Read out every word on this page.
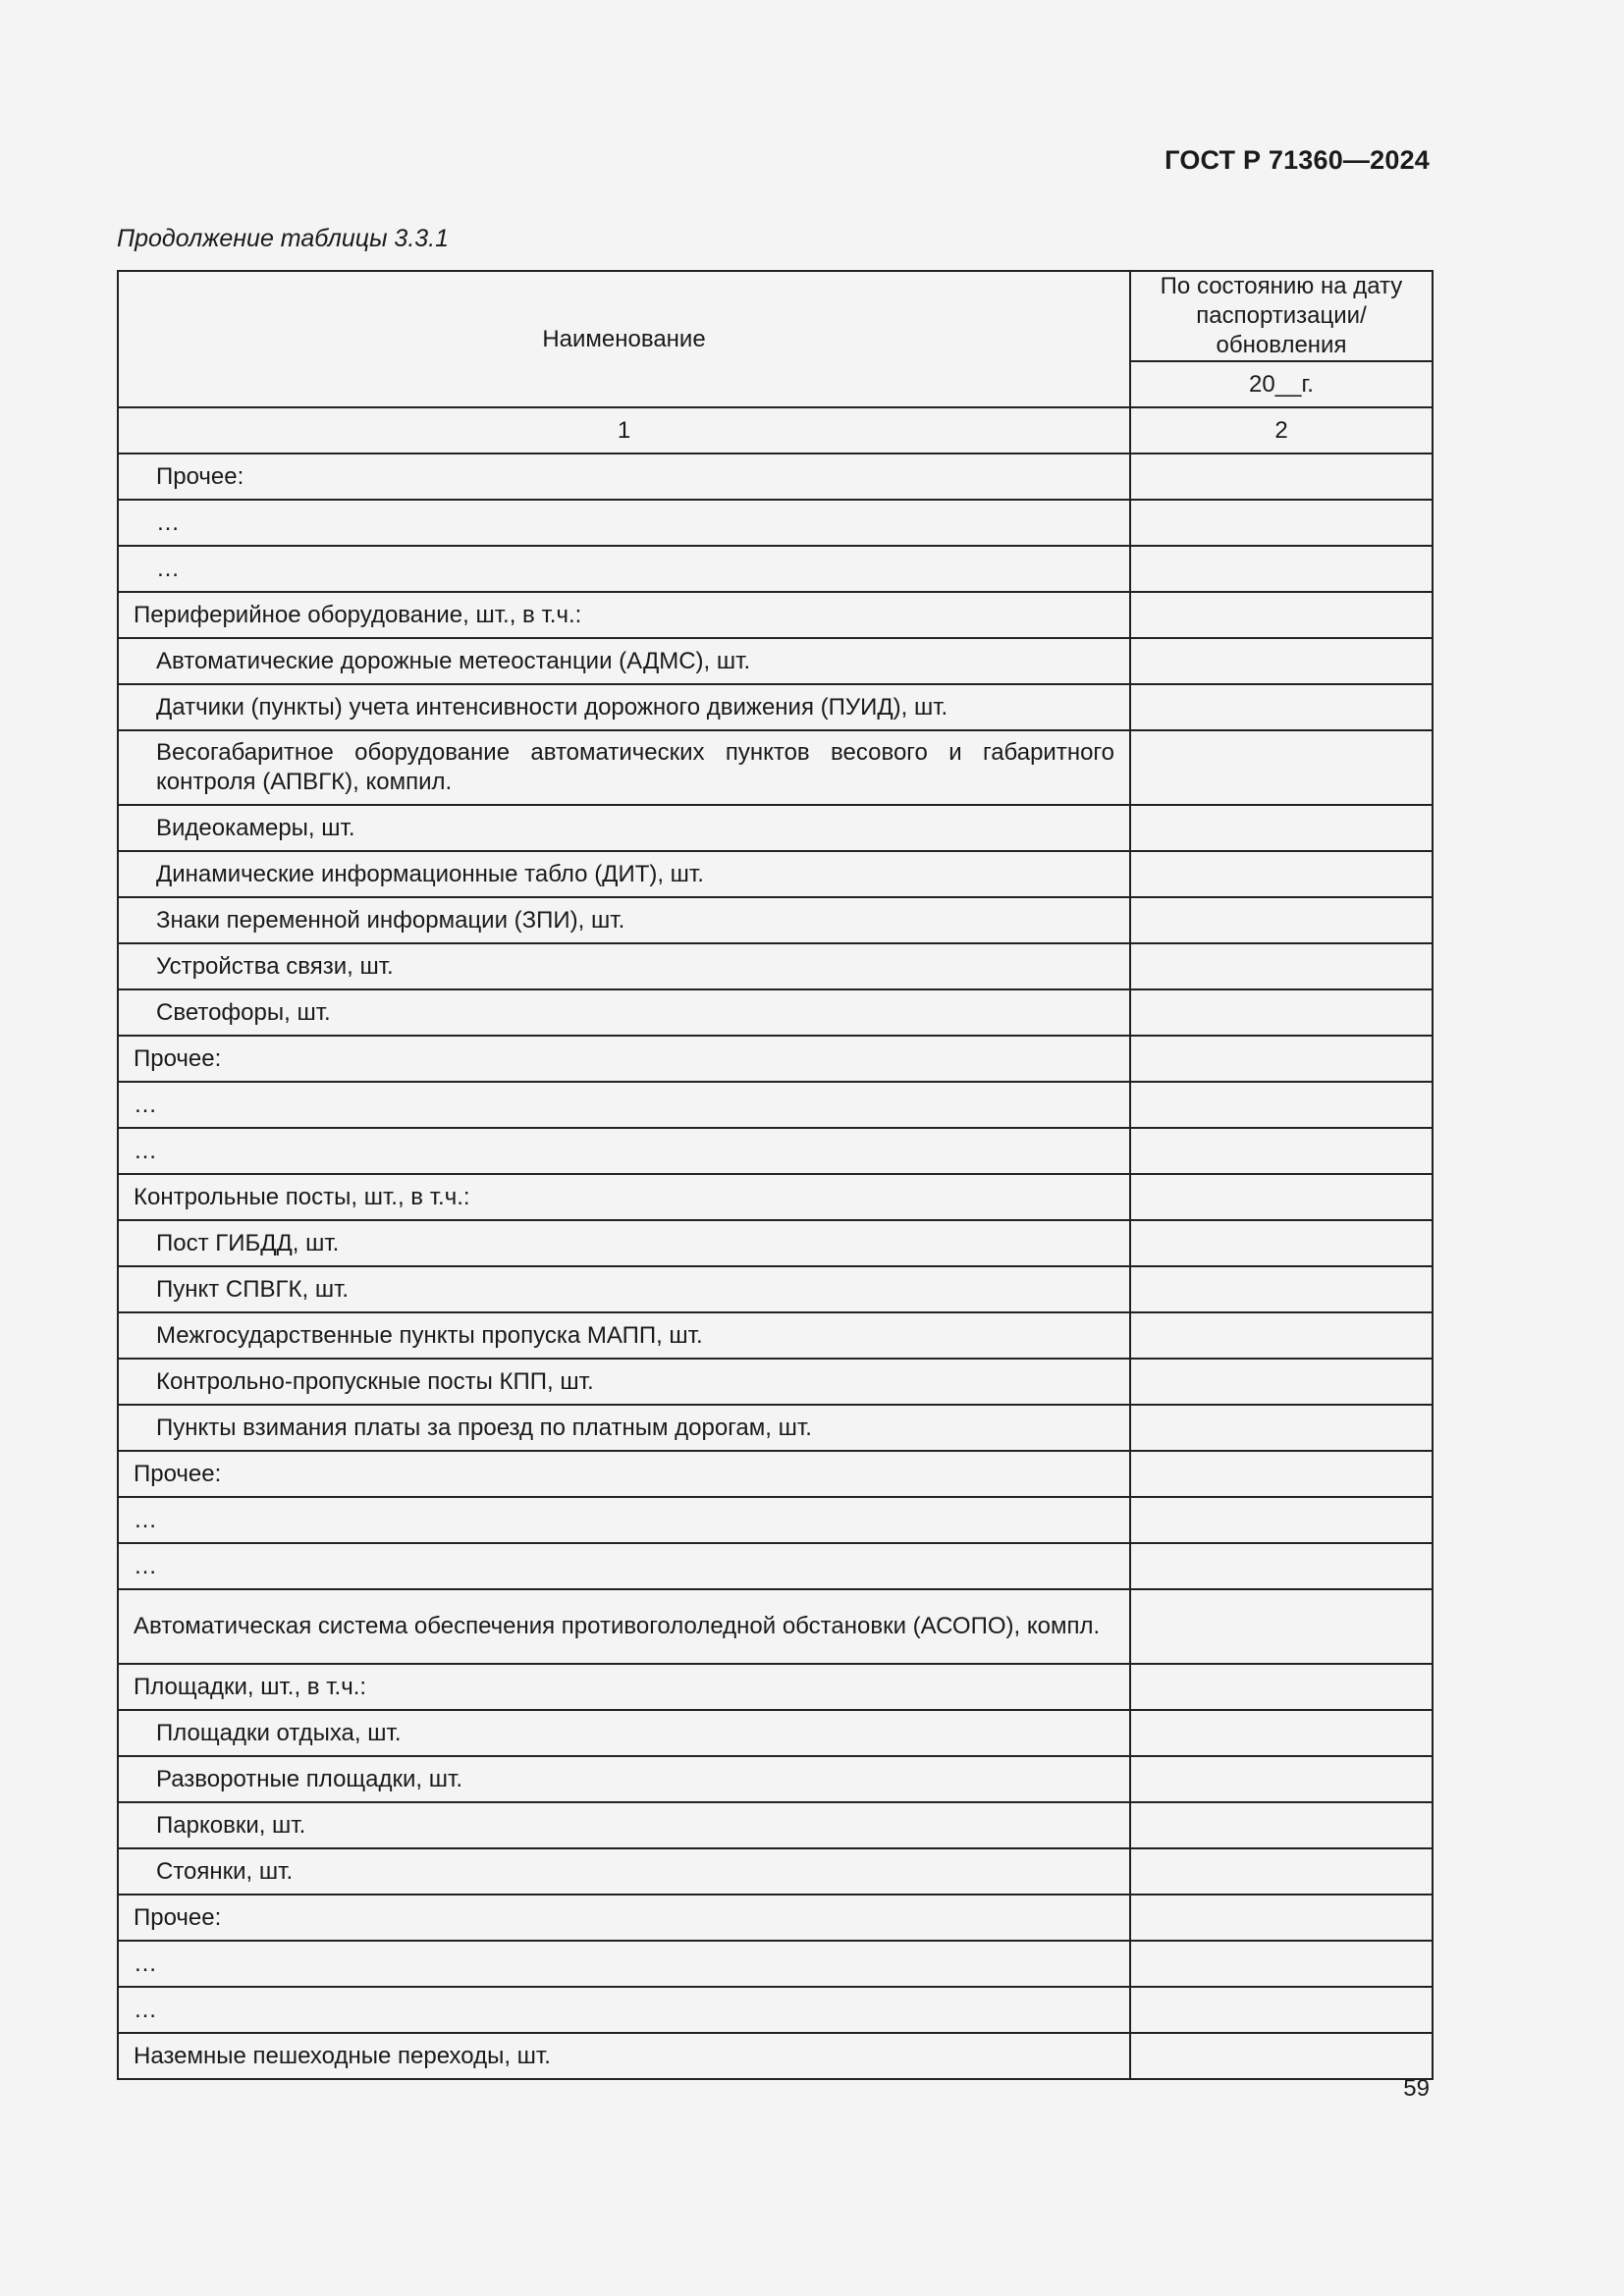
ГОСТ Р 71360—2024
Продолжение таблицы 3.3.1
Наименование	По состоянию на дату паспортизации/обновления
	20__г.
1	2
Прочее:	
…	
…	
Периферийное оборудование, шт., в т.ч.:	
Автоматические дорожные метеостанции (АДМС), шт.	
Датчики (пункты) учета интенсивности дорожного движения (ПУИД), шт.	
Весогабаритное оборудование автоматических пунктов весового и габаритного контроля (АПВГК), компил.	
Видеокамеры, шт.	
Динамические информационные табло (ДИТ), шт.	
Знаки переменной информации (ЗПИ), шт.	
Устройства связи, шт.	
Светофоры, шт.	
Прочее:	
…	
…	
Контрольные посты, шт., в т.ч.:	
Пост ГИБДД, шт.	
Пункт СПВГК, шт.	
Межгосударственные пункты пропуска МАПП, шт.	
Контрольно-пропускные посты КПП, шт.	
Пункты взимания платы за проезд по платным дорогам, шт.	
Прочее:	
…	
…	
Автоматическая система обеспечения противогололедной обстановки (АСОПО), компл.	
Площадки, шт., в т.ч.:	
Площадки отдыха, шт.	
Разворотные площадки, шт.	
Парковки, шт.	
Стоянки, шт.	
Прочее:	
…	
…	
Наземные пешеходные переходы, шт.	
59
